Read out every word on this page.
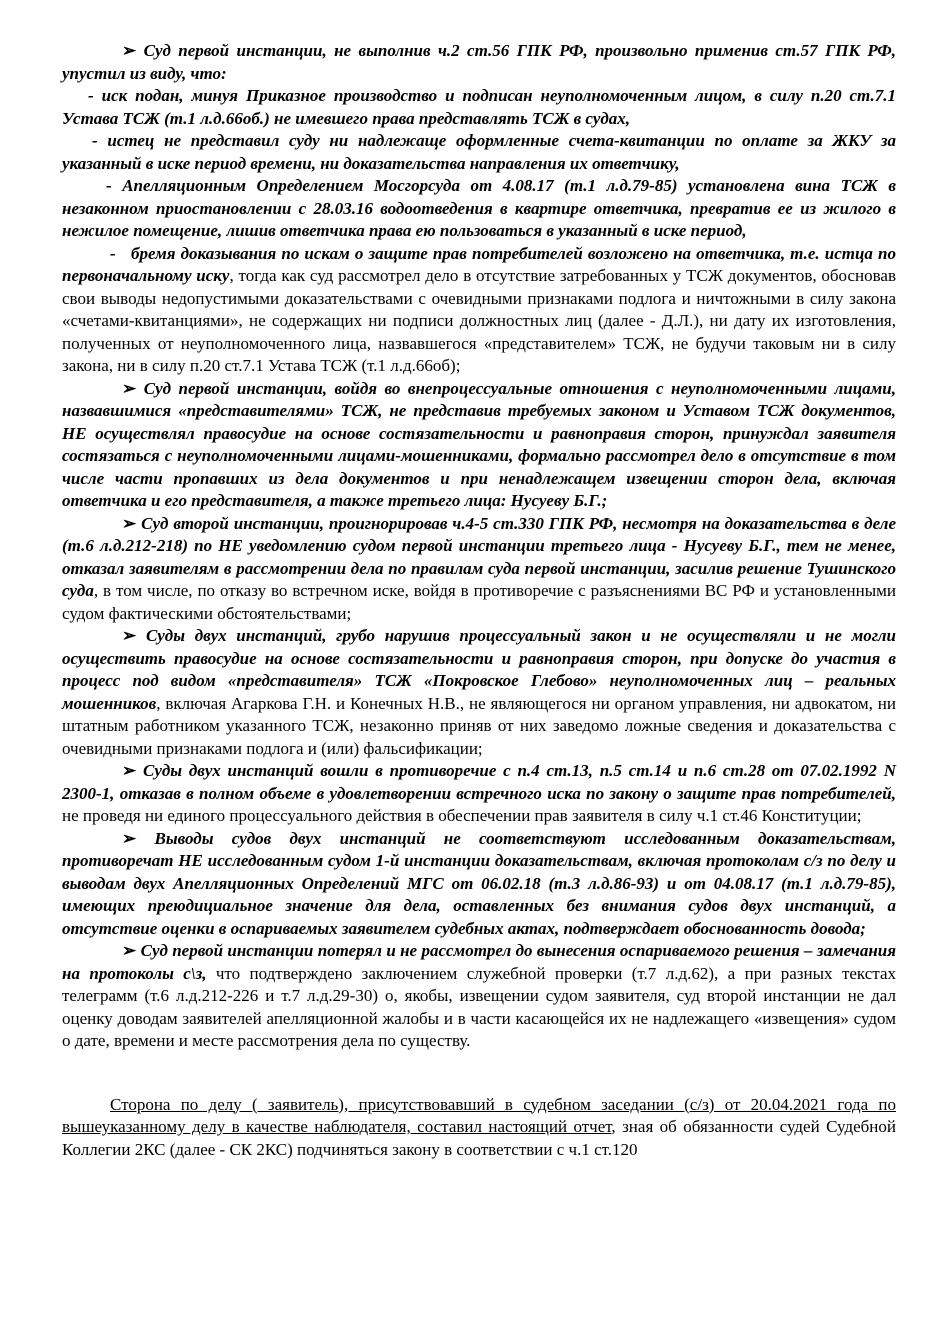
➢ Суд первой инстанции, не выполнив ч.2 ст.56 ГПК РФ, произвольно применив ст.57 ГПК РФ, упустил из виду, что:

- иск подан, минуя Приказное производство и подписан неуполномоченным лицом, в силу п.20 ст.7.1 Устава ТСЖ (т.1 л.д.66об.) не имевшего права представлять ТСЖ в судах,

- истец не представил суду ни надлежаще оформленные счета-квитанции по оплате за ЖКУ за указанный в иске период времени, ни доказательства направления их ответчику,

- Апелляционным Определением Мосгорсуда от 4.08.17 (т.1 л.д.79-85) установлена вина ТСЖ в незаконном приостановлении с 28.03.16 водоотведения в квартире ответчика, превратив ее из жилого в нежилое помещение, лишив ответчика права ею пользоваться в указанный в иске период,

- бремя доказывания по искам о защите прав потребителей возложено на ответчика, т.е. истца по первоначальному иску, тогда как суд рассмотрел дело в отсутствие затребованных у ТСЖ документов, обосновав свои выводы недопустимыми доказательствами с очевидными признаками подлога и ничтожными в силу закона «счетами-квитанциями», не содержащих ни подписи должностных лиц (далее - Д.Л.), ни дату их изготовления, полученных от неуполномоченного лица, назвавшегося «представителем» ТСЖ, не будучи таковым ни в силу закона, ни в силу п.20 ст.7.1 Устава ТСЖ (т.1 л.д.66об);

➢ Суд первой инстанции, войдя во внепроцессуальные отношения с неуполномоченными лицами, назвавшимися «представителями» ТСЖ, не представив требуемых законом и Уставом ТСЖ документов, НЕ осуществлял правосудие на основе состязательности и равноправия сторон, принуждал заявителя состязаться с неуполномоченными лицами-мошенниками, формально рассмотрел дело в отсутствие в том числе части пропавших из дела документов и при ненадлежащем извещении сторон дела, включая ответчика и его представителя, а также третьего лица: Нусуеву Б.Г.;

➢ Суд второй инстанции, проигнорировав ч.4-5 ст.330 ГПК РФ, несмотря на доказательства в деле (т.6 л.д.212-218) по НЕ уведомлению судом первой инстанции третьего лица - Нусуеву Б.Г., тем не менее, отказал заявителям в рассмотрении дела по правилам суда первой инстанции, засилив решение Тушинского суда, в том числе, по отказу во встречном иске, войдя в противоречие с разъяснениями ВС РФ и установленными судом фактическими обстоятельствами;

➢ Суды двух инстанций, грубо нарушив процессуальный закон и не осуществляли и не могли осуществить правосудие на основе состязательности и равноправия сторон, при допуске до участия в процесс под видом «представителя» ТСЖ «Покровское Глебово» неуполномоченных лиц – реальных мошенников, включая Агаркова Г.Н. и Конечных Н.В., не являющегося ни органом управления, ни адвокатом, ни штатным работником указанного ТСЖ, незаконно приняв от них заведомо ложные сведения и доказательства с очевидными признаками подлога и (или) фальсификации;

➢ Суды двух инстанций вошли в противоречие с п.4 ст.13, п.5 ст.14 и п.6 ст.28 от 07.02.1992 N 2300-1, отказав в полном объеме в удовлетворении встречного иска по закону о защите прав потребителей, не проведя ни единого процессуального действия в обеспечении прав заявителя в силу ч.1 ст.46 Конституции;

➢ Выводы судов двух инстанций не соответствуют исследованным доказательствам, противоречат НЕ исследованным судом 1-й инстанции доказательствам, включая протоколам с/з по делу и выводам двух Апелляционных Определений МГС от 06.02.18 (т.3 л.д.86-93) и от 04.08.17 (т.1 л.д.79-85), имеющих преюдициальное значение для дела, оставленных без внимания судов двух инстанций, а отсутствие оценки в оспариваемых заявителем судебных актах, подтверждает обоснованность довода;

➢ Суд первой инстанции потерял и не рассмотрел до вынесения оспариваемого решения – замечания на протоколы с\з, что подтверждено заключением служебной проверки (т.7 л.д.62), а при разных текстах телеграмм (т.6 л.д.212-226 и т.7 л.д.29-30) о, якобы, извещении судом заявителя, суд второй инстанции не дал оценку доводам заявителей апелляционной жалобы и в части касающейся их не надлежащего «извещения» судом о дате, времени и месте рассмотрения дела по существу.

Сторона по делу ( заявитель), присутствовавший в судебном заседании (с/з) от 20.04.2021 года по вышеуказанному делу в качестве наблюдателя, составил настоящий отчет, зная об обязанности судей Судебной Коллегии 2КС (далее - СК 2КС) подчиняться закону в соответствии с ч.1 ст.120
